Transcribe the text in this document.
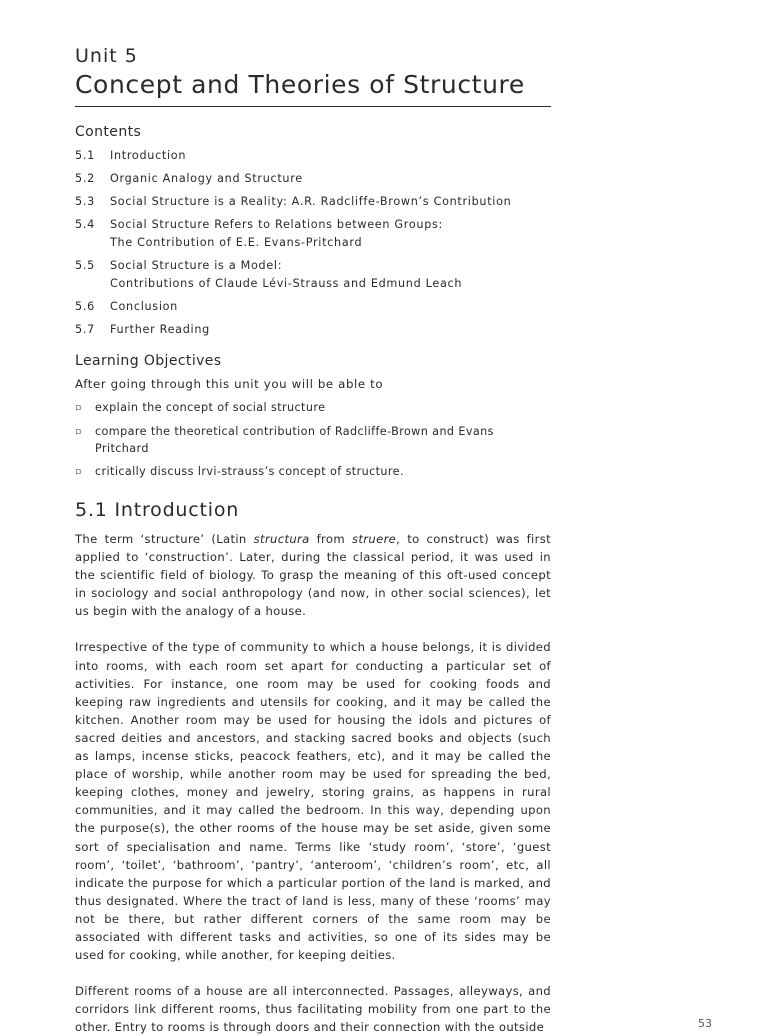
Unit 5

Concept and Theories of Structure
Contents
5.1	Introduction
5.2	Organic Analogy and Structure
5.3	Social Structure is a Reality: A.R. Radcliffe-Brown’s Contribution
5.4	Social Structure Refers to Relations between Groups:
The Contribution of E.E. Evans-Pritchard
5.5	Social Structure is a Model:
Contributions of Claude Lévi-Strauss and Edmund Leach
5.6	Conclusion
5.7	Further Reading
Learning Objectives

After going through this unit you will be able to

▫	explain the concept of social structure
▫	compare the theoretical contribution of Radcliffe-Brown and Evans Pritchard
▫	critically discuss lrvi-strauss’s concept of structure.
5.1 Introduction

The term ‘structure’ (Latin structura from struere, to construct) was first applied to ‘construction’. Later, during the classical period, it was used in the scientific field of biology. To grasp the meaning of this oft-used concept in sociology and social anthropology (and now, in other social sciences), let us begin with the analogy of a house.

Irrespective of the type of community to which a house belongs, it is divided into rooms, with each room set apart for conducting a particular set of activities. For instance, one room may be used for cooking foods and keeping raw ingredients and utensils for cooking, and it may be called the kitchen. Another room may be used for housing the idols and pictures of sacred deities and ancestors, and stacking sacred books and objects (such as lamps, incense sticks, peacock feathers, etc), and it may be called the place of worship, while another room may be used for spreading the bed, keeping clothes, money and jewelry, storing grains, as happens in rural communities, and it may called the bedroom. In this way, depending upon the purpose(s), the other rooms of the house may be set aside, given some sort of specialisation and name. Terms like ‘study room’, ‘store’, ‘guest room’, ‘toilet’, ‘bathroom’, ‘pantry’, ‘anteroom’, ‘children’s room’, etc, all indicate the purpose for which a particular portion of the land is marked, and thus designated. Where the tract of land is less, many of these ‘rooms’ may not be there, but rather different corners of the same room may be associated with different tasks and activities, so one of its sides may be used for cooking, while another, for keeping deities.

Different rooms of a house are all interconnected. Passages, alleyways, and corridors link different rooms, thus facilitating mobility from one part to the other. Entry to rooms is through doors and their connection with the outside	53
